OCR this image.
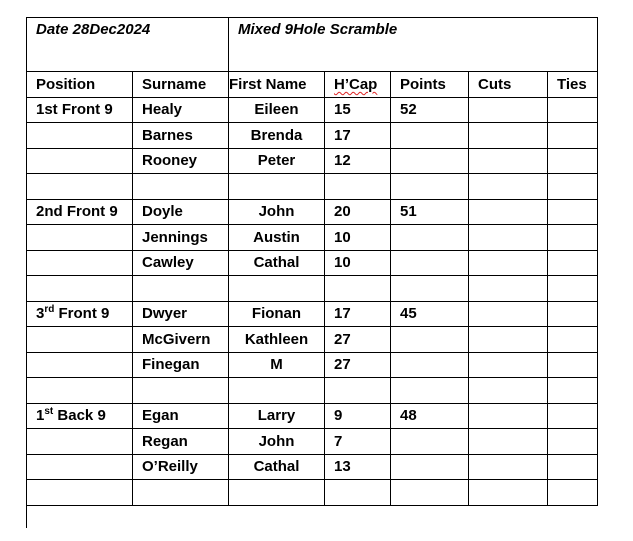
Date 28Dec2024		Mixed 9Hole Scramble				
Position	Surname	First Name	H’Cap	Points	Cuts	Ties
1st Front 9	Healy	Eileen	15	52		
	Barnes	Brenda	17			
	Rooney	Peter	12			

2nd Front 9	Doyle	John	20	51		
	Jennings	Austin	10			
	Cawley	Cathal	10			

3rd Front 9	Dwyer	Fionan	17	45		
	McGivern	Kathleen	27			
	Finegan	M	27			

1st Back 9	Egan	Larry	9	48		
	Regan	John	7			
	O’Reilly	Cathal	13			
